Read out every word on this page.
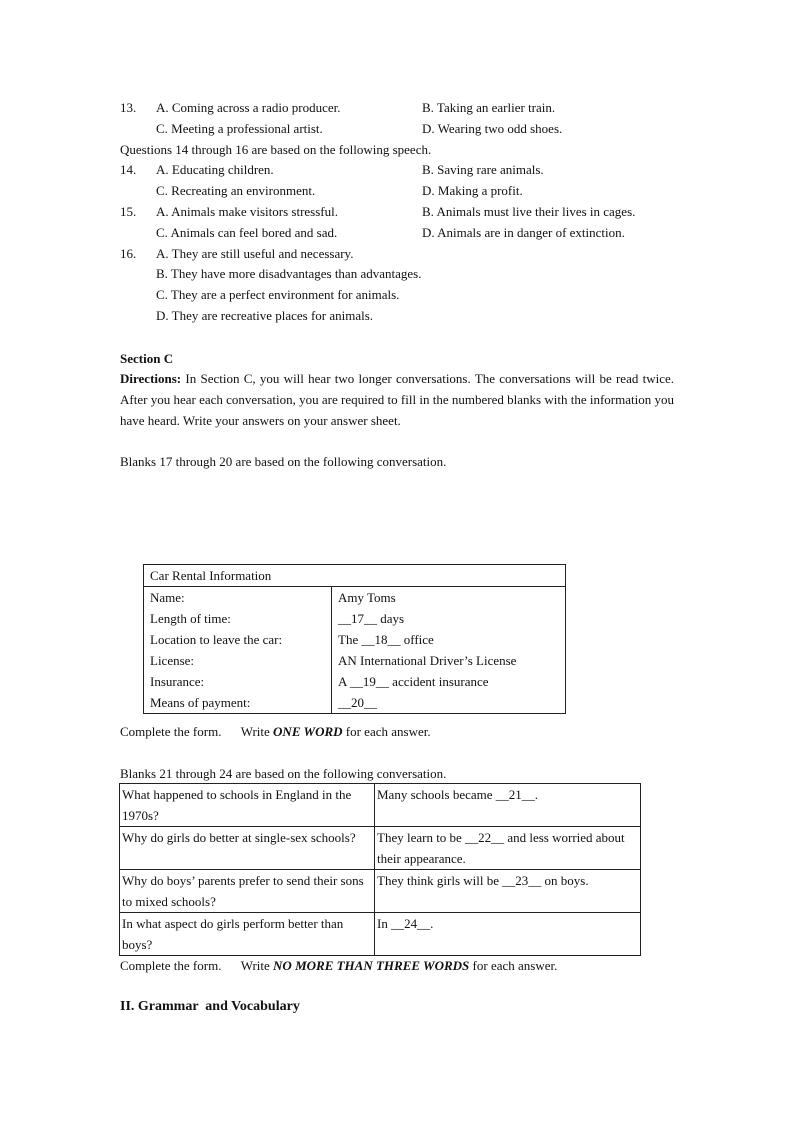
13. A. Coming across a radio producer.	B. Taking an earlier train.
C. Meeting a professional artist.	D. Wearing two odd shoes.
Questions 14 through 16 are based on the following speech.
14. A. Educating children.	B. Saving rare animals.
C. Recreating an environment.	D. Making a profit.
15. A. Animals make visitors stressful.	B. Animals must live their lives in cages.
C. Animals can feel bored and sad.	D. Animals are in danger of extinction.
16. A. They are still useful and necessary.
B. They have more disadvantages than advantages.
C. They are a perfect environment for animals.
D. They are recreative places for animals.
Section C
Directions: In Section C, you will hear two longer conversations. The conversations will be read twice. After you hear each conversation, you are required to fill in the numbered blanks with the information you have heard. Write your answers on your answer sheet.
Blanks 17 through 20 are based on the following conversation.
Car Rental Information	
Name:	Amy Toms
Length of time:	__17__ days
Location to leave the car:	The __18__ office
License:	AN International Driver’s License
Insurance:	A __19__ accident insurance
Means of payment:	__20__
Complete the form.      Write ONE WORD for each answer.
Blanks 21 through 24 are based on the following conversation.
What happened to schools in England in the 1970s?	Many schools became __21__.
Why do girls do better at single-sex schools?	They learn to be __22__ and less worried about their appearance.
Why do boys’ parents prefer to send their sons to mixed schools?	They think girls will be __23__ on boys.
In what aspect do girls perform better than boys?	In __24__.
Complete the form.      Write NO MORE THAN THREE WORDS for each answer.
II. Grammar  and Vocabulary
